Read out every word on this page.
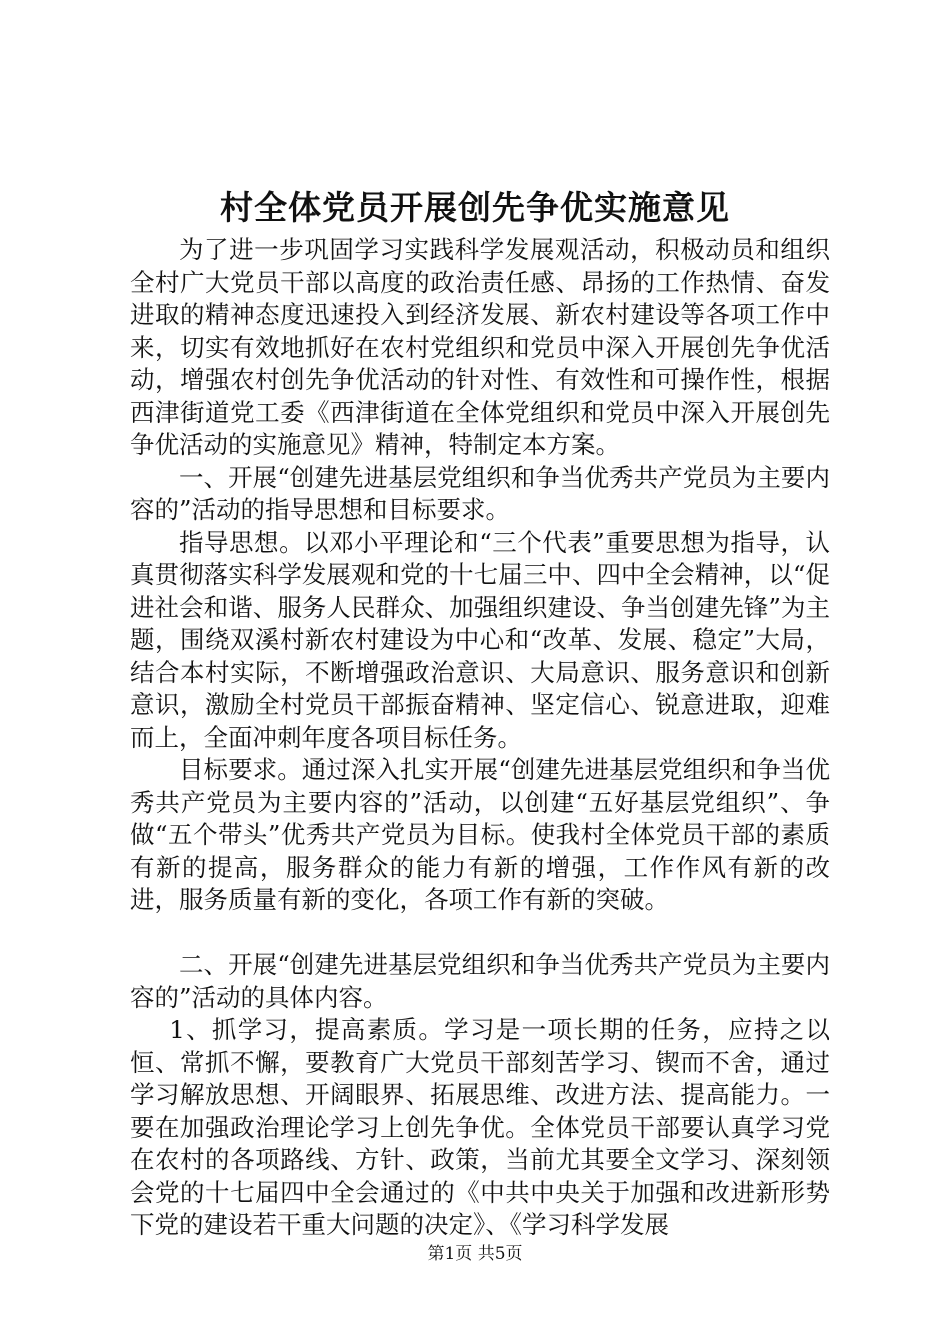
村全体党员开展创先争优实施意见

为了进一步巩固学习实践科学发展观活动，积极动员和组织全村广大党员干部以高度的政治责任感、昂扬的工作热情、奋发进取的精神态度迅速投入到经济发展、新农村建设等各项工作中来，切实有效地抓好在农村党组织和党员中深入开展创先争优活动，增强农村创先争优活动的针对性、有效性和可操作性，根据西津街道党工委《西津街道在全体党组织和党员中深入开展创先争优活动的实施意见》精神，特制定本方案。

一、开展“创建先进基层党组织和争当优秀共产党员为主要内容的”活动的指导思想和目标要求。

指导思想。以邓小平理论和“三个代表”重要思想为指导，认真贯彻落实科学发展观和党的十七届三中、四中全会精神，以“促进社会和谐、服务人民群众、加强组织建设、争当创建先锋”为主题，围绕双溪村新农村建设为中心和“改革、发展、稳定”大局，结合本村实际，不断增强政治意识、大局意识、服务意识和创新意识，激励全村党员干部振奋精神、坚定信心、锐意进取，迎难而上，全面冲刺年度各项目标任务。

目标要求。通过深入扎实开展“创建先进基层党组织和争当优秀共产党员为主要内容的”活动，以创建“五好基层党组织”、争做“五个带头”优秀共产党员为目标。使我村全体党员干部的素质有新的提高，服务群众的能力有新的增强，工作作风有新的改进，服务质量有新的变化，各项工作有新的突破。

二、开展“创建先进基层党组织和争当优秀共产党员为主要内容的”活动的具体内容。

1、抓学习，提高素质。学习是一项长期的任务，应持之以恒、常抓不懈，要教育广大党员干部刻苦学习、锲而不舍，通过学习解放思想、开阔眼界、拓展思维、改进方法、提高能力。一要在加强政治理论学习上创先争优。全体党员干部要认真学习党在农村的各项路线、方针、政策，当前尤其要全文学习、深刻领会党的十七届四中全会通过的《中共中央关于加强和改进新形势下党的建设若干重大问题的决定》、《学习科学发展

第1页 共5页
